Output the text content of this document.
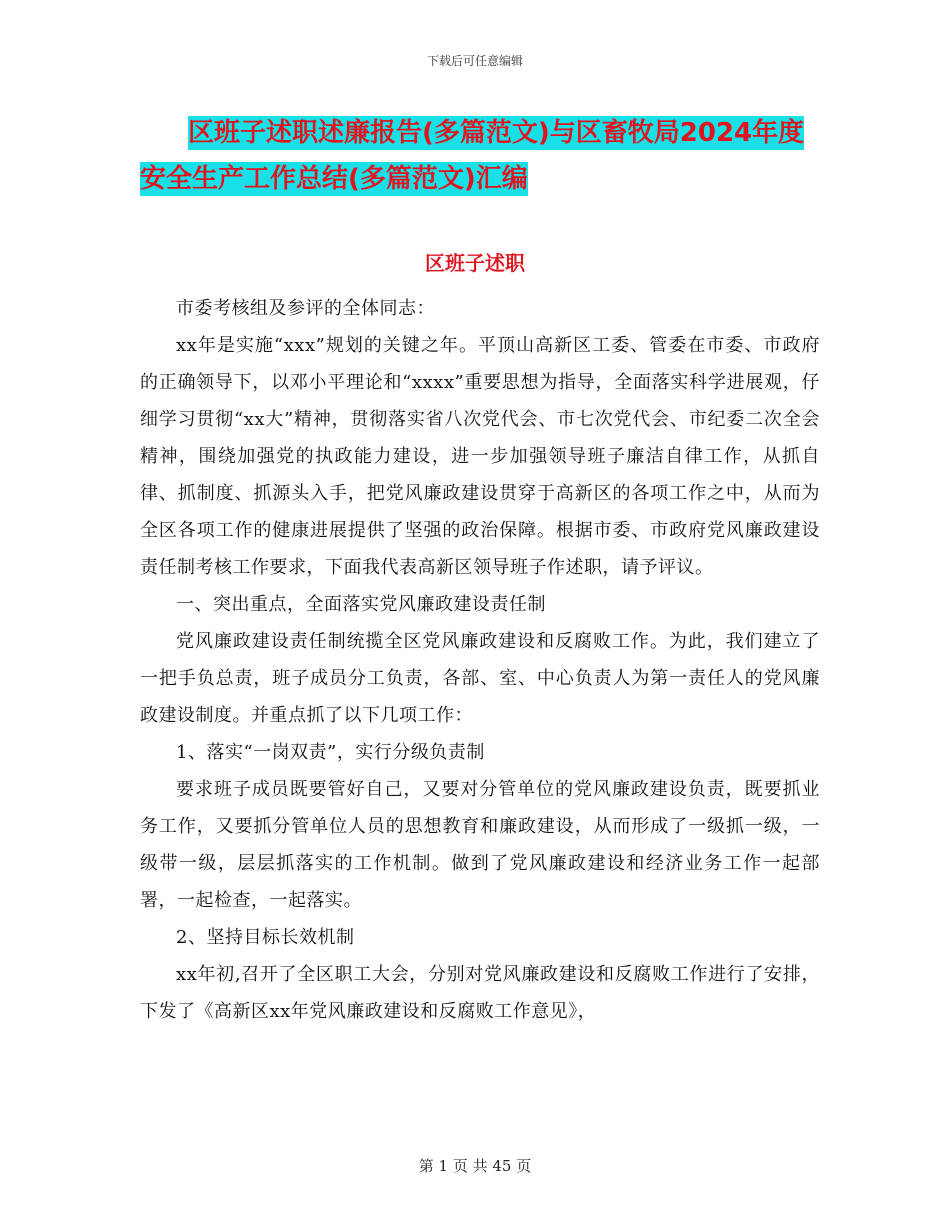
下载后可任意编辑
区班子述职述廉报告(多篇范文)与区畜牧局2024年度
安全生产工作总结(多篇范文)汇编
区班子述职

市委考核组及参评的全体同志：

xx年是实施“xxx”规划的关键之年。平顶山高新区工委、管委在市委、市政府的正确领导下，以邓小平理论和“xxxx”重要思想为指导，全面落实科学进展观，仔细学习贯彻“xx大”精神，贯彻落实省八次党代会、市七次党代会、市纪委二次全会精神，围绕加强党的执政能力建设，进一步加强领导班子廉洁自律工作，从抓自律、抓制度、抓源头入手，把党风廉政建设贯穿于高新区的各项工作之中，从而为全区各项工作的健康进展提供了坚强的政治保障。根据市委、市政府党风廉政建设责任制考核工作要求，下面我代表高新区领导班子作述职，请予评议。

一、突出重点，全面落实党风廉政建设责任制

党风廉政建设责任制统揽全区党风廉政建设和反腐败工作。为此，我们建立了一把手负总责，班子成员分工负责，各部、室、中心负责人为第一责任人的党风廉政建设制度。并重点抓了以下几项工作：

1、落实“一岗双责”，实行分级负责制

要求班子成员既要管好自己，又要对分管单位的党风廉政建设负责，既要抓业务工作，又要抓分管单位人员的思想教育和廉政建设，从而形成了一级抓一级，一级带一级，层层抓落实的工作机制。做到了党风廉政建设和经济业务工作一起部署，一起检查，一起落实。

2、坚持目标长效机制

xx年初,召开了全区职工大会，分别对党风廉政建设和反腐败工作进行了安排，下发了《高新区xx年党风廉政建设和反腐败工作意见》，

第 1 页 共 45 页
